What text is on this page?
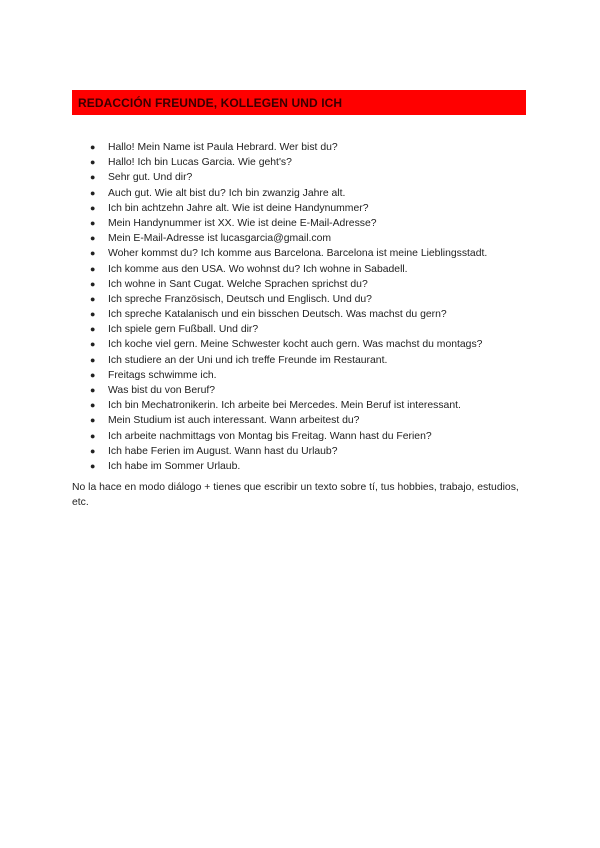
REDACCIÓN FREUNDE, KOLLEGEN UND ICH
● Hallo! Mein Name ist Paula Hebrard. Wer bist du?
● Hallo! Ich bin Lucas Garcia. Wie geht's?
● Sehr gut. Und dir?
● Auch gut. Wie alt bist du? Ich bin zwanzig Jahre alt.
● Ich bin achtzehn Jahre alt. Wie ist deine Handynummer?
● Mein Handynummer ist XX. Wie ist deine E-Mail-Adresse?
● Mein E-Mail-Adresse ist lucasgarcia@gmail.com
● Woher kommst du? Ich komme aus Barcelona. Barcelona ist meine Lieblingsstadt.
● Ich komme aus den USA. Wo wohnst du? Ich wohne in Sabadell.
● Ich wohne in Sant Cugat. Welche Sprachen sprichst du?
● Ich spreche Französisch, Deutsch und Englisch. Und du?
● Ich spreche Katalanisch und ein bisschen Deutsch. Was machst du gern?
● Ich spiele gern Fußball. Und dir?
● Ich koche viel gern. Meine Schwester kocht auch gern. Was machst du montags?
● Ich studiere an der Uni und ich treffe Freunde im Restaurant.
● Freitags schwimme ich.
● Was bist du von Beruf?
● Ich bin Mechatronikerin. Ich arbeite bei Mercedes. Mein Beruf ist interessant.
● Mein Studium ist auch interessant. Wann arbeitest du?
● Ich arbeite nachmittags von Montag bis Freitag. Wann hast du Ferien?
● Ich habe Ferien im August. Wann hast du Urlaub?
● Ich habe im Sommer Urlaub.
No la hace en modo diálogo + tienes que escribir un texto sobre tí, tus hobbies, trabajo, estudios, etc.
